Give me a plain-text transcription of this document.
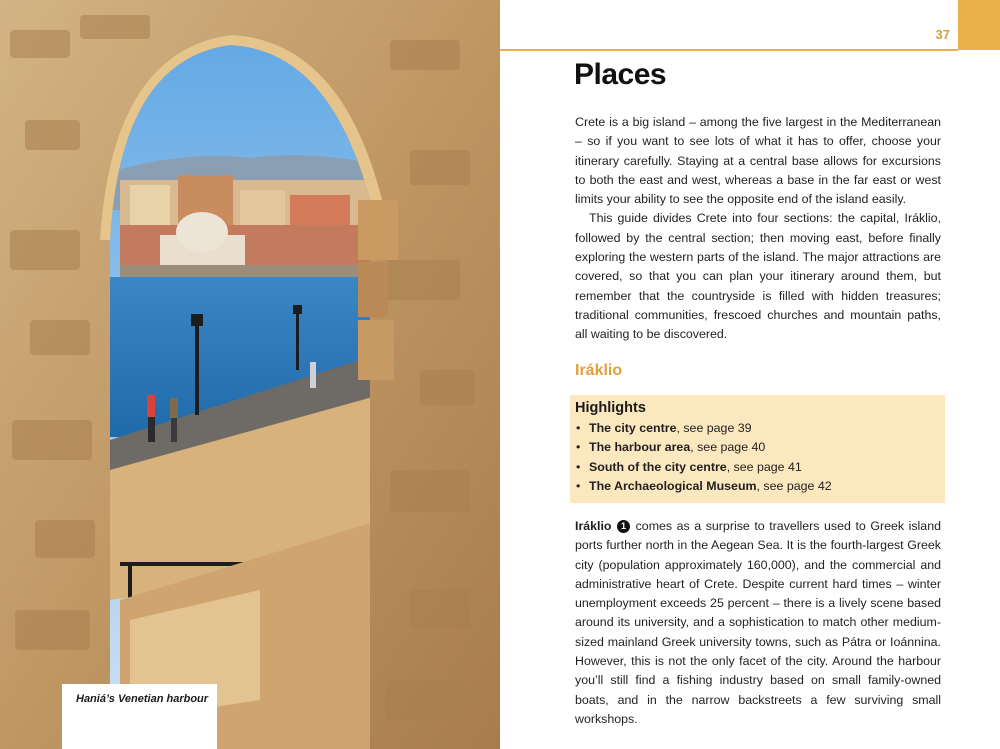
Haniá’s Venetian harbour
37
Places

Crete is a big island – among the five largest in the Mediterranean – so if you want to see lots of what it has to offer, choose your itinerary carefully. Staying at a central base allows for excursions to both the east and west, whereas a base in the far east or west limits your ability to see the opposite end of the island easily.

This guide divides Crete into four sections: the capital, Iráklio, followed by the central section; then moving east, before finally exploring the western parts of the island. The major attractions are covered, so that you can plan your itinerary around them, but remember that the countryside is filled with hidden treasures; traditional communities, frescoed churches and mountain paths, all waiting to be discovered.

Iráklio
Highlights
• The city centre, see page 39
• The harbour area, see page 40
• South of the city centre, see page 41
• The Archaeological Museum, see page 42
Iráklio 1 comes as a surprise to travellers used to Greek island ports further north in the Aegean Sea. It is the fourth-largest Greek city (population approximately 160,000), and the commercial and administrative heart of Crete. Despite current hard times – winter unemployment exceeds 25 percent – there is a lively scene based around its university, and a sophistication to match other medium-sized mainland Greek university towns, such as Pátra or Ioánnina. However, this is not the only facet of the city. Around the harbour you’ll still find a fishing industry based on small family-owned boats, and in the narrow backstreets a few surviving small workshops.
